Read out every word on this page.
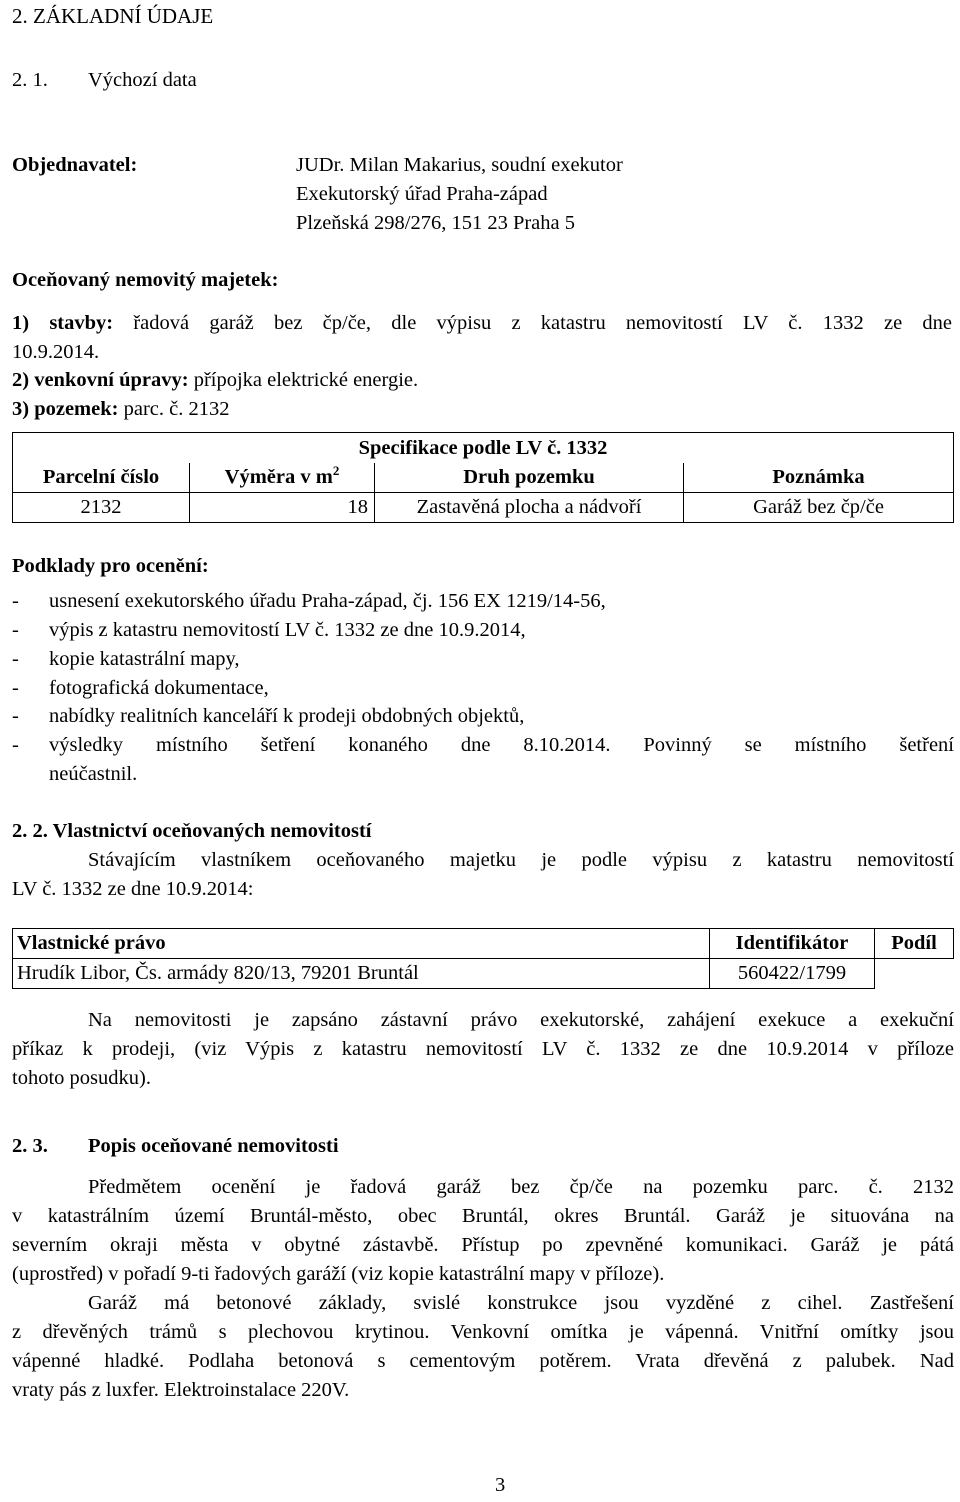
2. ZÁKLADNÍ ÚDAJE
2. 1. Výchozí data
Objednavatel:	JUDr. Milan Makarius, soudní exekutor
Exekutorský úřad Praha-západ
Plzeňská 298/276, 151 23 Praha 5
Oceňovaný nemovitý majetek:
1) stavby: řadová garáž bez čp/če, dle výpisu z katastru nemovitostí LV č. 1332 ze dne
10.9.2014.
2) venkovní úpravy: přípojka elektrické energie.
3) pozemek: parc. č. 2132
Specifikace podle LV č. 1332			
Parcelní číslo	Výměra v $m^2$	Druh pozemku	Poznámka
2132	18	Zastavěná plocha a nádvoří	Garáž bez čp/če
Podklady pro ocenění:
- usnesení exekutorského úřadu Praha-západ, čj. 156 EX 1219/14-56,
- výpis z katastru nemovitostí LV č. 1332 ze dne 10.9.2014,
- kopie katastrální mapy,
- fotografická dokumentace,
- nabídky realitních kanceláří k prodeji obdobných objektů,
- výsledky místního šetření konaného dne 8.10.2014. Povinný se místního šetření
neúčastnil.
2. 2. Vlastnictví oceňovaných nemovitostí
Stávajícím vlastníkem oceňovaného majetku je podle výpisu z katastru nemovitostí
LV č. 1332 ze dne 10.9.2014:
Vlastnické právo	Identifikátor	Podíl
Hrudík Libor, Čs. armády 820/13, 79201 Bruntál	560422/1799	
Na nemovitosti je zapsáno zástavní právo exekutorské, zahájení exekuce a exekuční
příkaz k prodeji, (viz Výpis z katastru nemovitostí LV č. 1332 ze dne 10.9.2014 v příloze
tohoto posudku).
2. 3. Popis oceňované nemovitosti
Předmětem ocenění je řadová garáž bez čp/če na pozemku parc. č. 2132
v katastrálním území Bruntál-město, obec Bruntál, okres Bruntál. Garáž je situována na
severním okraji města v obytné zástavbě. Přístup po zpevněné komunikaci. Garáž je pátá
(uprostřed) v pořadí 9-ti řadových garáží (viz kopie katastrální mapy v příloze).
Garáž má betonové základy, svislé konstrukce jsou vyzděné z cihel. Zastřešení
z dřevěných trámů s plechovou krytinou. Venkovní omítka je vápenná. Vnitřní omítky jsou
vápenné hladké. Podlaha betonová s cementovým potěrem. Vrata dřevěná z palubek. Nad
vraty pás z luxfer. Elektroinstalace 220V.
3
